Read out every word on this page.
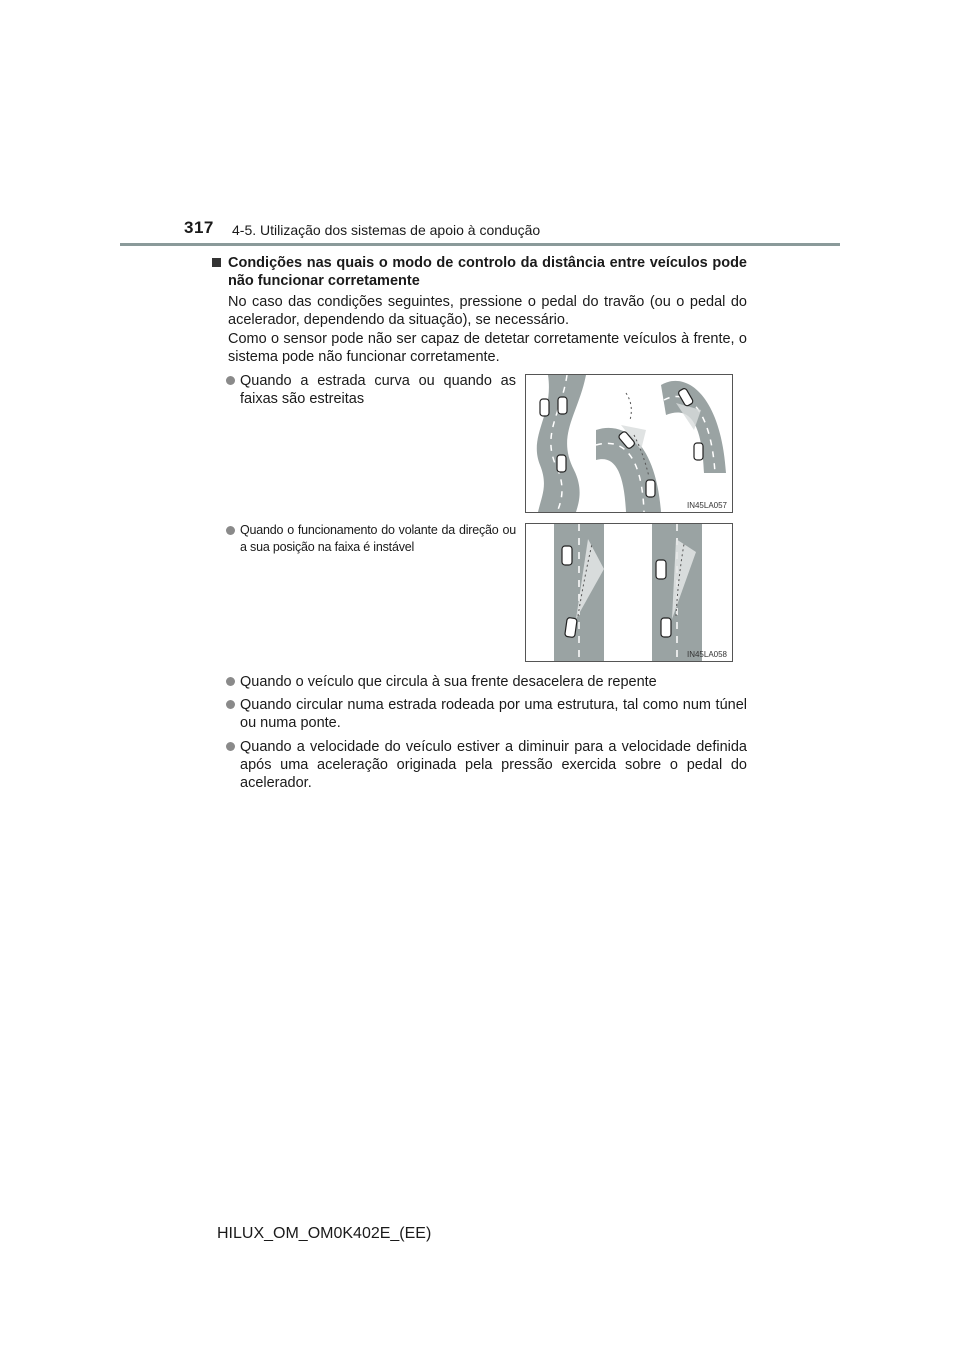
317 4-5. Utilização dos sistemas de apoio à condução
Condições nas quais o modo de controlo da distância entre veículos pode não funcionar corretamente
No caso das condições seguintes, pressione o pedal do travão (ou o pedal do acelerador, dependendo da situação), se necessário.
Como o sensor pode não ser capaz de detetar corretamente veículos à frente, o sistema pode não funcionar corretamente.
Quando a estrada curva ou quando as faixas são estreitas
IN45LA057
Quando o funcionamento do volante da direção ou a sua posição na faixa é instável
IN45LA058
Quando o veículo que circula à sua frente desacelera de repente
Quando circular numa estrada rodeada por uma estrutura, tal como num túnel ou numa ponte.
Quando a velocidade do veículo estiver a diminuir para a velocidade definida após uma aceleração originada pela pressão exercida sobre o pedal do acelerador.
HILUX_OM_OM0K402E_(EE)
